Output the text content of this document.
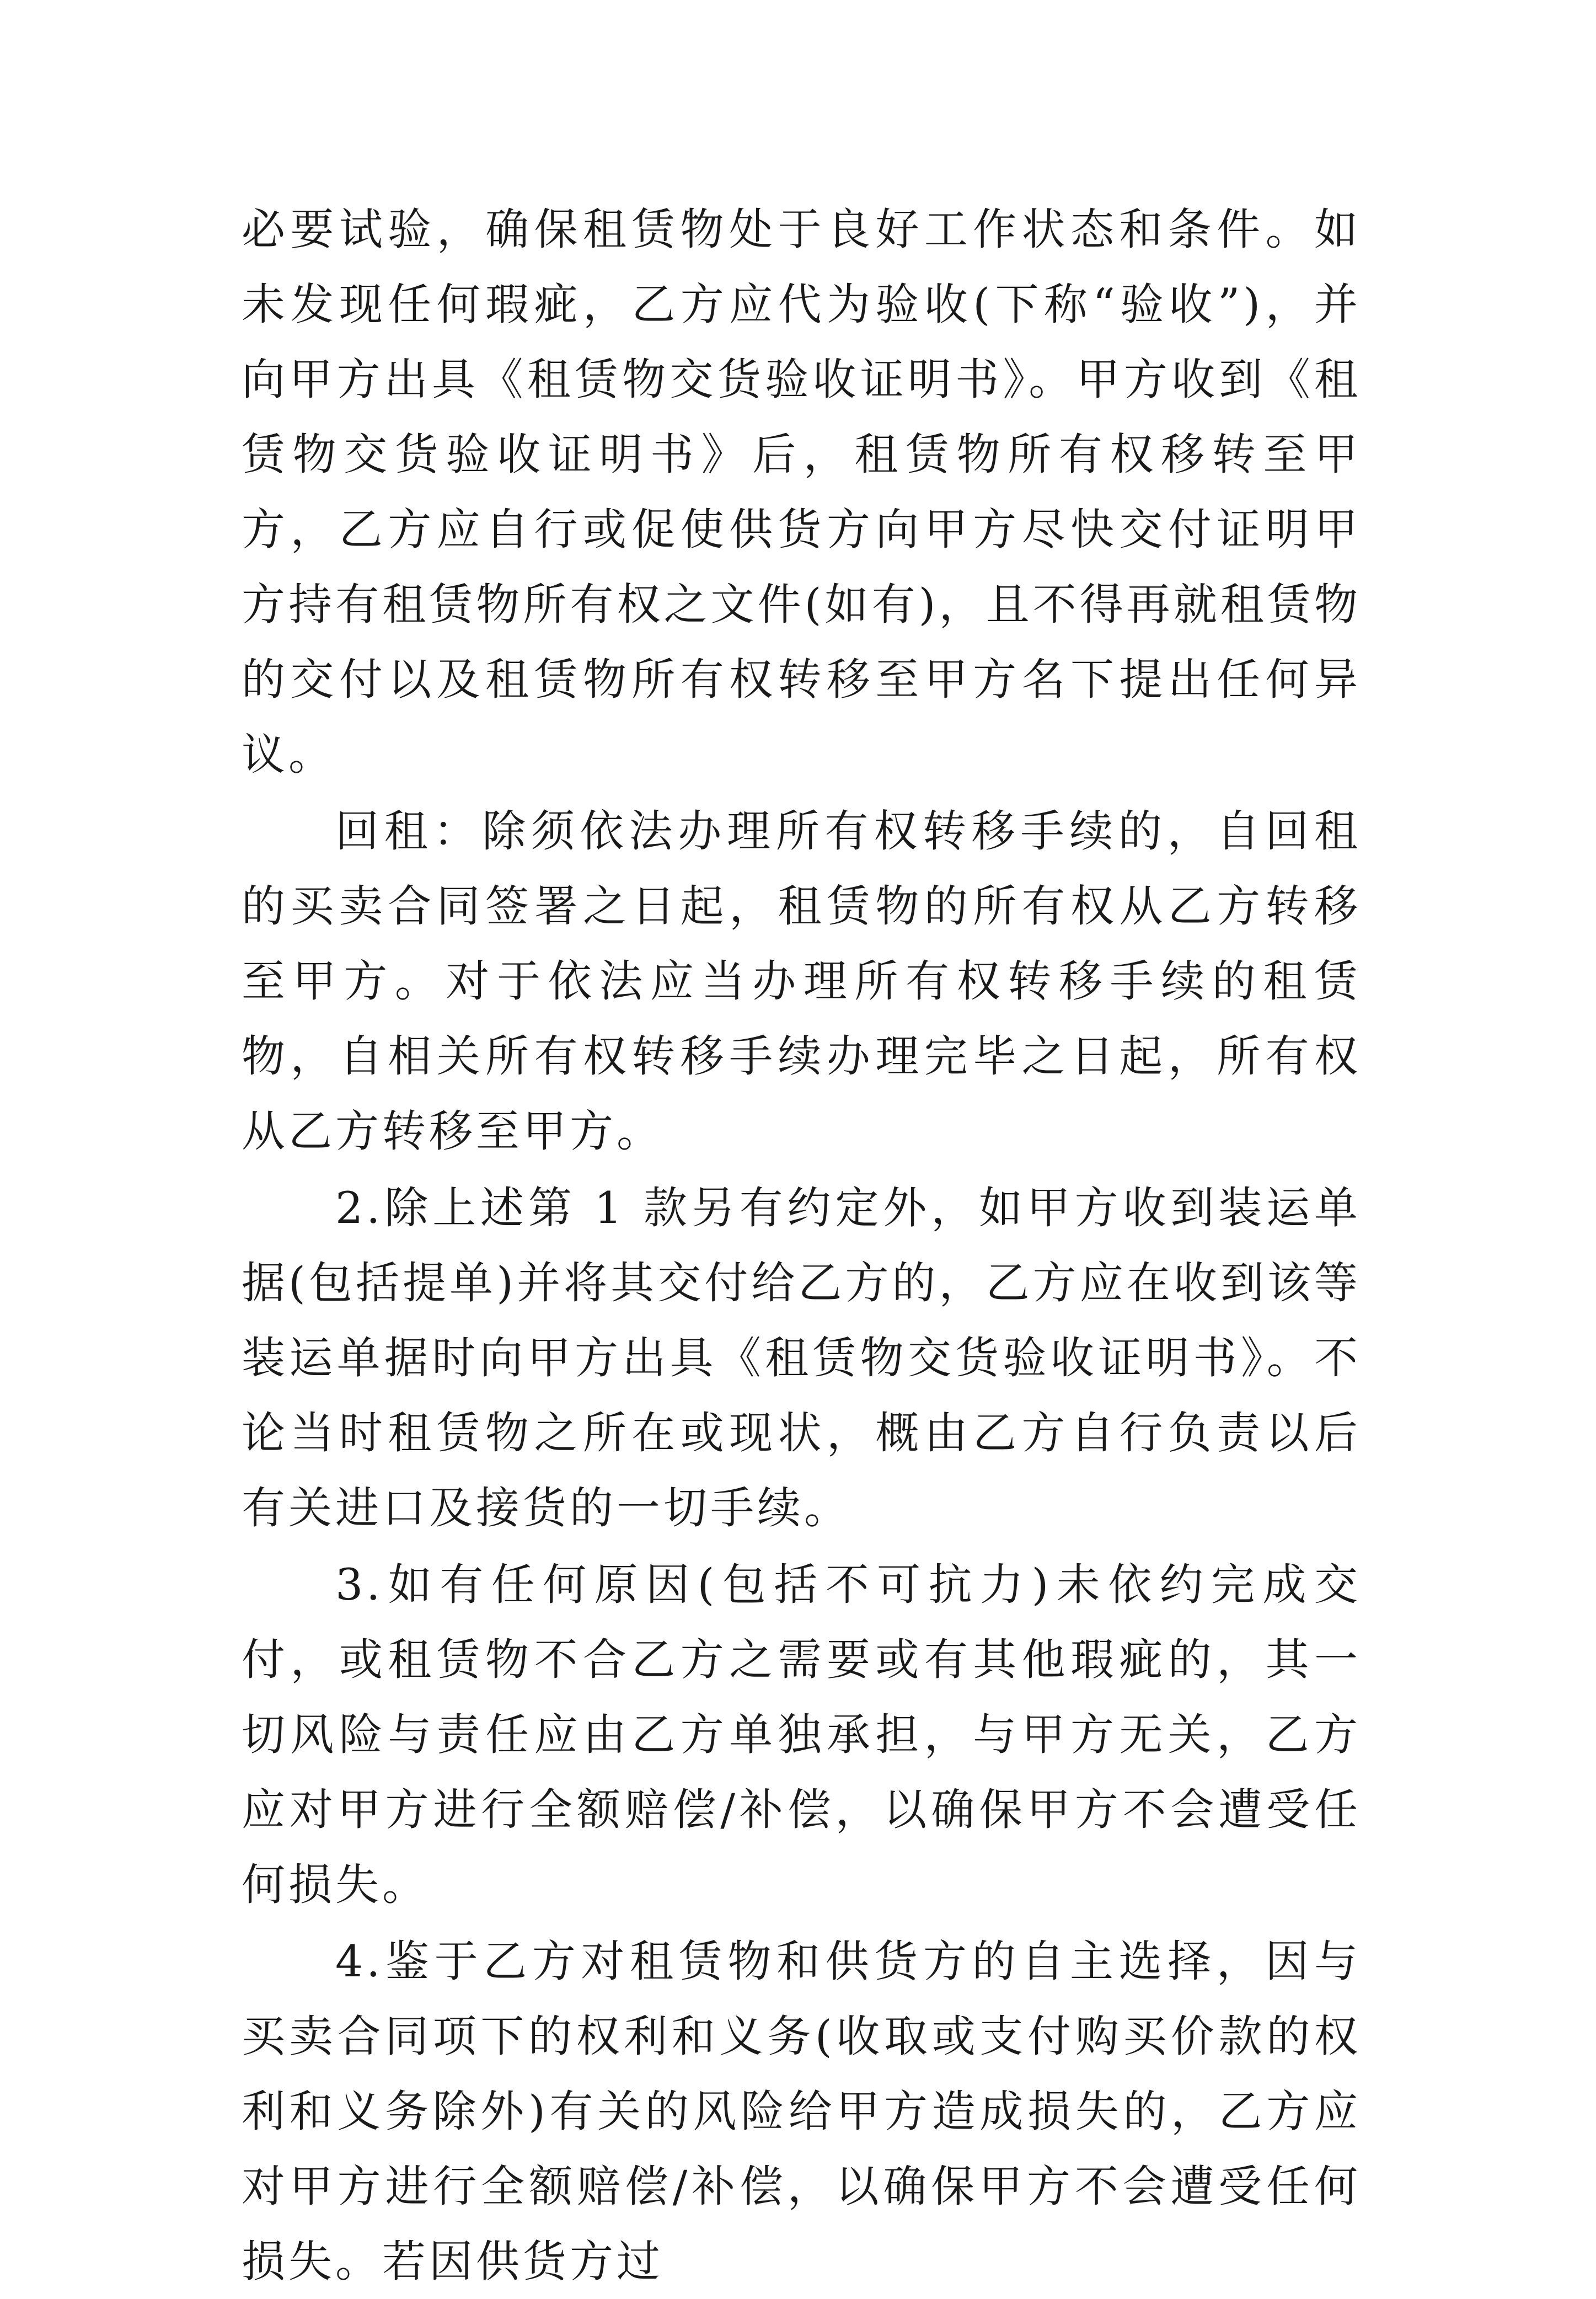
必要试验，确保租赁物处于良好工作状态和条件。如未发现任何瑕疵，乙方应代为验收(下称“验收”)，并向甲方出具《租赁物交货验收证明书》。甲方收到《租赁物交货验收证明书》后，租赁物所有权移转至甲方，乙方应自行或促使供货方向甲方尽快交付证明甲方持有租赁物所有权之文件(如有)，且不得再就租赁物的交付以及租赁物所有权转移至甲方名下提出任何异议。

回租：除须依法办理所有权转移手续的，自回租的买卖合同签署之日起，租赁物的所有权从乙方转移至甲方。对于依法应当办理所有权转移手续的租赁物，自相关所有权转移手续办理完毕之日起，所有权从乙方转移至甲方。

2.除上述第 1 款另有约定外，如甲方收到装运单据(包括提单)并将其交付给乙方的，乙方应在收到该等装运单据时向甲方出具《租赁物交货验收证明书》。不论当时租赁物之所在或现状，概由乙方自行负责以后有关进口及接货的一切手续。

3.如有任何原因(包括不可抗力)未依约完成交付，或租赁物不合乙方之需要或有其他瑕疵的，其一切风险与责任应由乙方单独承担，与甲方无关，乙方应对甲方进行全额赔偿/补偿，以确保甲方不会遭受任何损失。

4.鉴于乙方对租赁物和供货方的自主选择，因与买卖合同项下的权利和义务(收取或支付购买价款的权利和义务除外)有关的风险给甲方造成损失的，乙方应对甲方进行全额赔偿/补偿，以确保甲方不会遭受任何损失。若因供货方过
